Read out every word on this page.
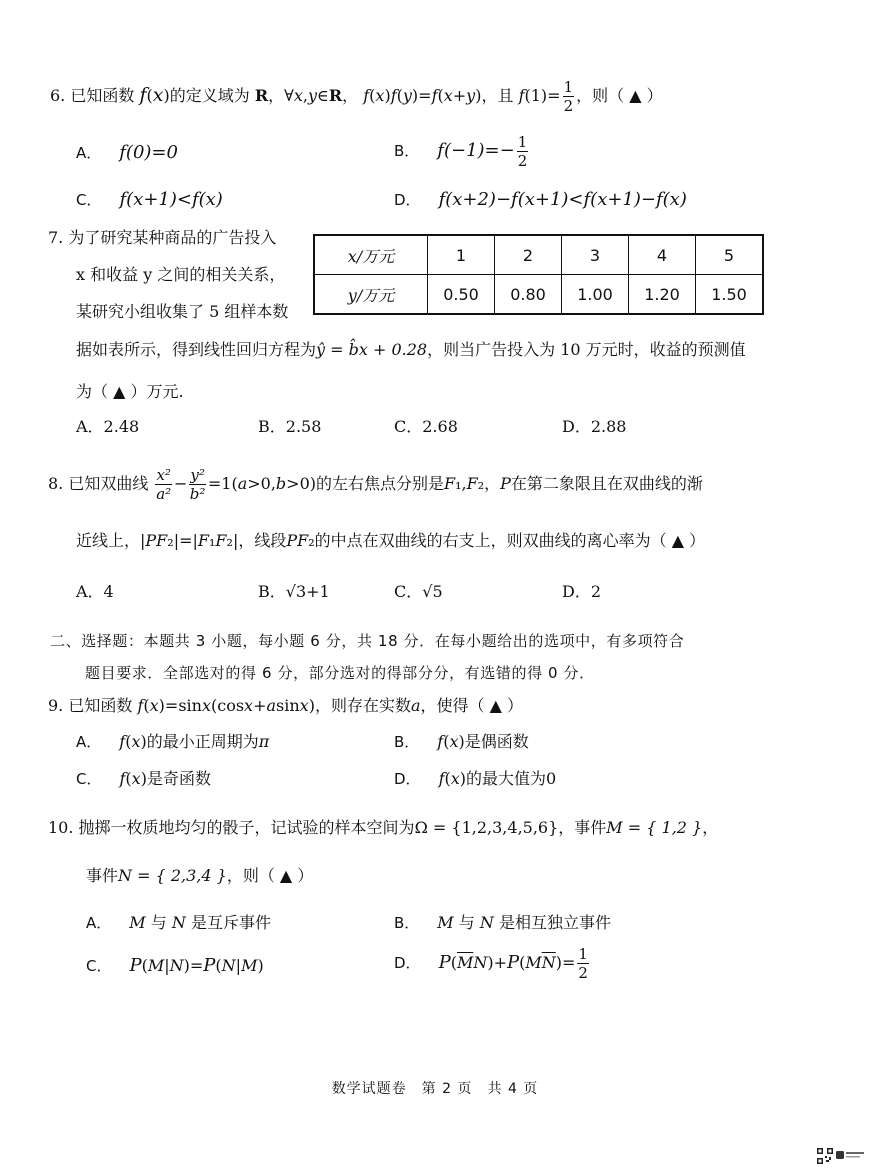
6. 已知函数 f(x)的定义域为 R，∀x,y∈R， f(x)f(y)=f(x+y)，且 $f(1)= \frac{1}{2}$ ，则（ ▲ ）
A． f(0)=0	B． $f(-1)=- \frac{1}{2}$
C． f(x+1)<f(x)	D． f(x+2)−f(x+1)<f(x+1)−f(x)
7. 为了研究某种商品的广告投入
x 和收益 y 之间的相关关系，
某研究小组收集了 5 组样本数
x/万元	1	2	3	4	5
y/万元	0.50	0.80	1.00	1.20	1.50
据如表所示，得到线性回归方程为ŷ = b̂x + 0.28，则当广告投入为 10 万元时，收益的预测值
为（ ▲ ）万元.
A．2.48	B．2.58	C．2.68	D．2.88
8. 已知双曲线 $\frac{\text{x²}}{\text{a²}} - \frac{\text{y²}}{\text{b²}} =1(a>0,b>0)$的左右焦点分别是F₁,F₂，P在第二象限且在双曲线的渐
近线上，|PF₂|=|F₁F₂|，线段PF₂的中点在双曲线的右支上，则双曲线的离心率为（ ▲ ）
A．4	B．√3+1	C．√5	D．2
二、选择题：本题共 3 小题，每小题 6 分，共 18 分．在每小题给出的选项中，有多项符合
题目要求．全部选对的得 6 分，部分选对的得部分分，有选错的得 0 分．
9. 已知函数 f(x)=sinx(cosx+asinx)，则存在实数a，使得（ ▲ ）
A． f(x)的最小正周期为π	B． f(x)是偶函数
C． f(x)是奇函数	D． f(x)的最大值为0
10. 抛掷一枚质地均匀的骰子，记试验的样本空间为Ω = {1,2,3,4,5,6}，事件M = { 1,2 }，
事件N = { 2,3,4 }，则（ ▲ ）
A． M 与 N 是互斥事件	B． M 与 N 是相互独立事件
C． P(M|N)=P(N|M)	D． $P(\overline{M}N)+P(M\overline{N})= \frac{1}{2}$
数学试题卷　第 2 页　共 4 页
